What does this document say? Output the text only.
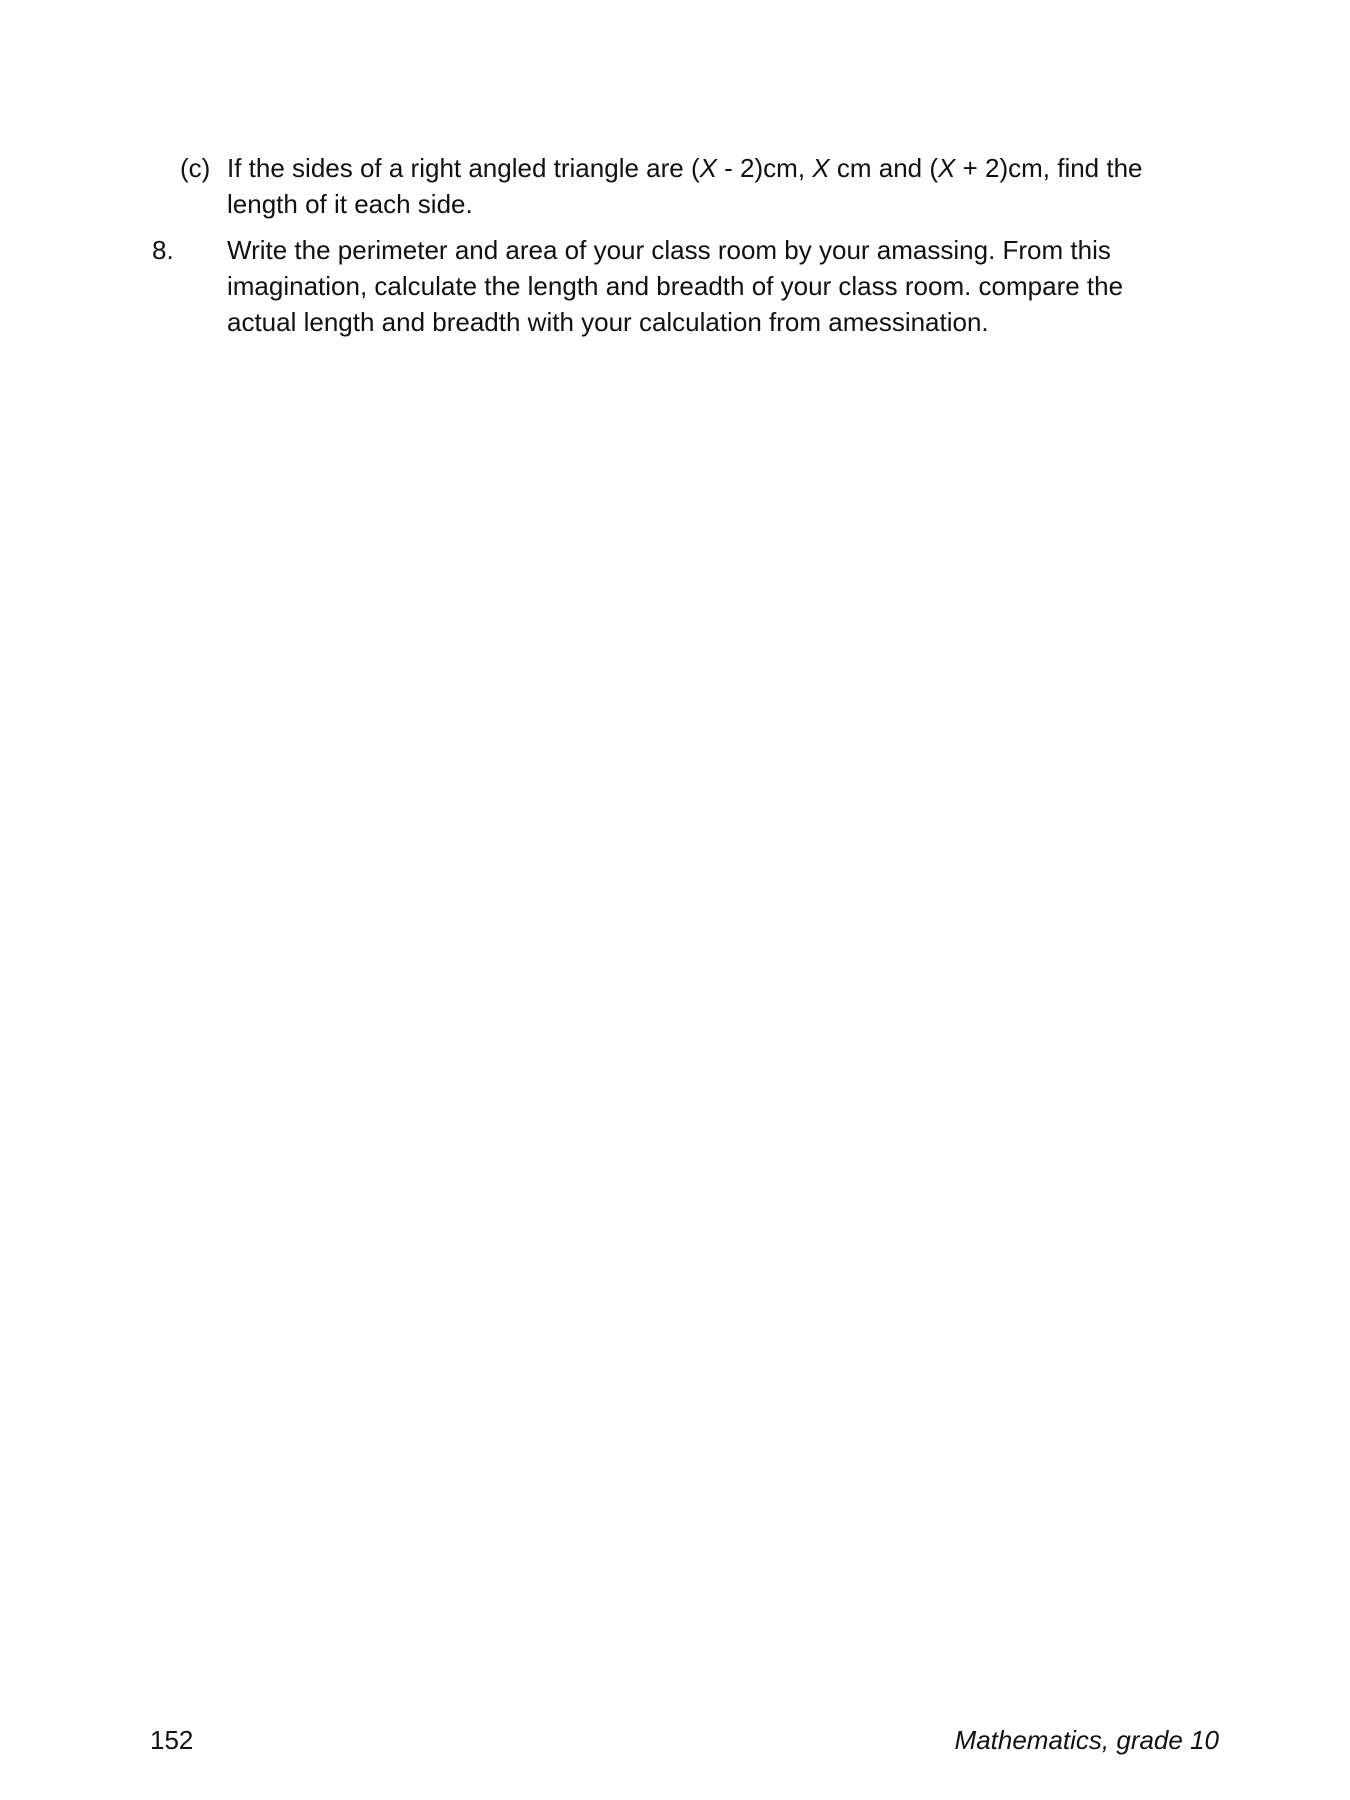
(c) If the sides of a right angled triangle are (X - 2)cm, X cm and (X + 2)cm, find the length of it each side.
8. Write the perimeter and area of your class room by your amassing. From this imagination, calculate the length and breadth of your class room. compare the actual length and breadth with your calculation from amessination.
152	Mathematics, grade 10
